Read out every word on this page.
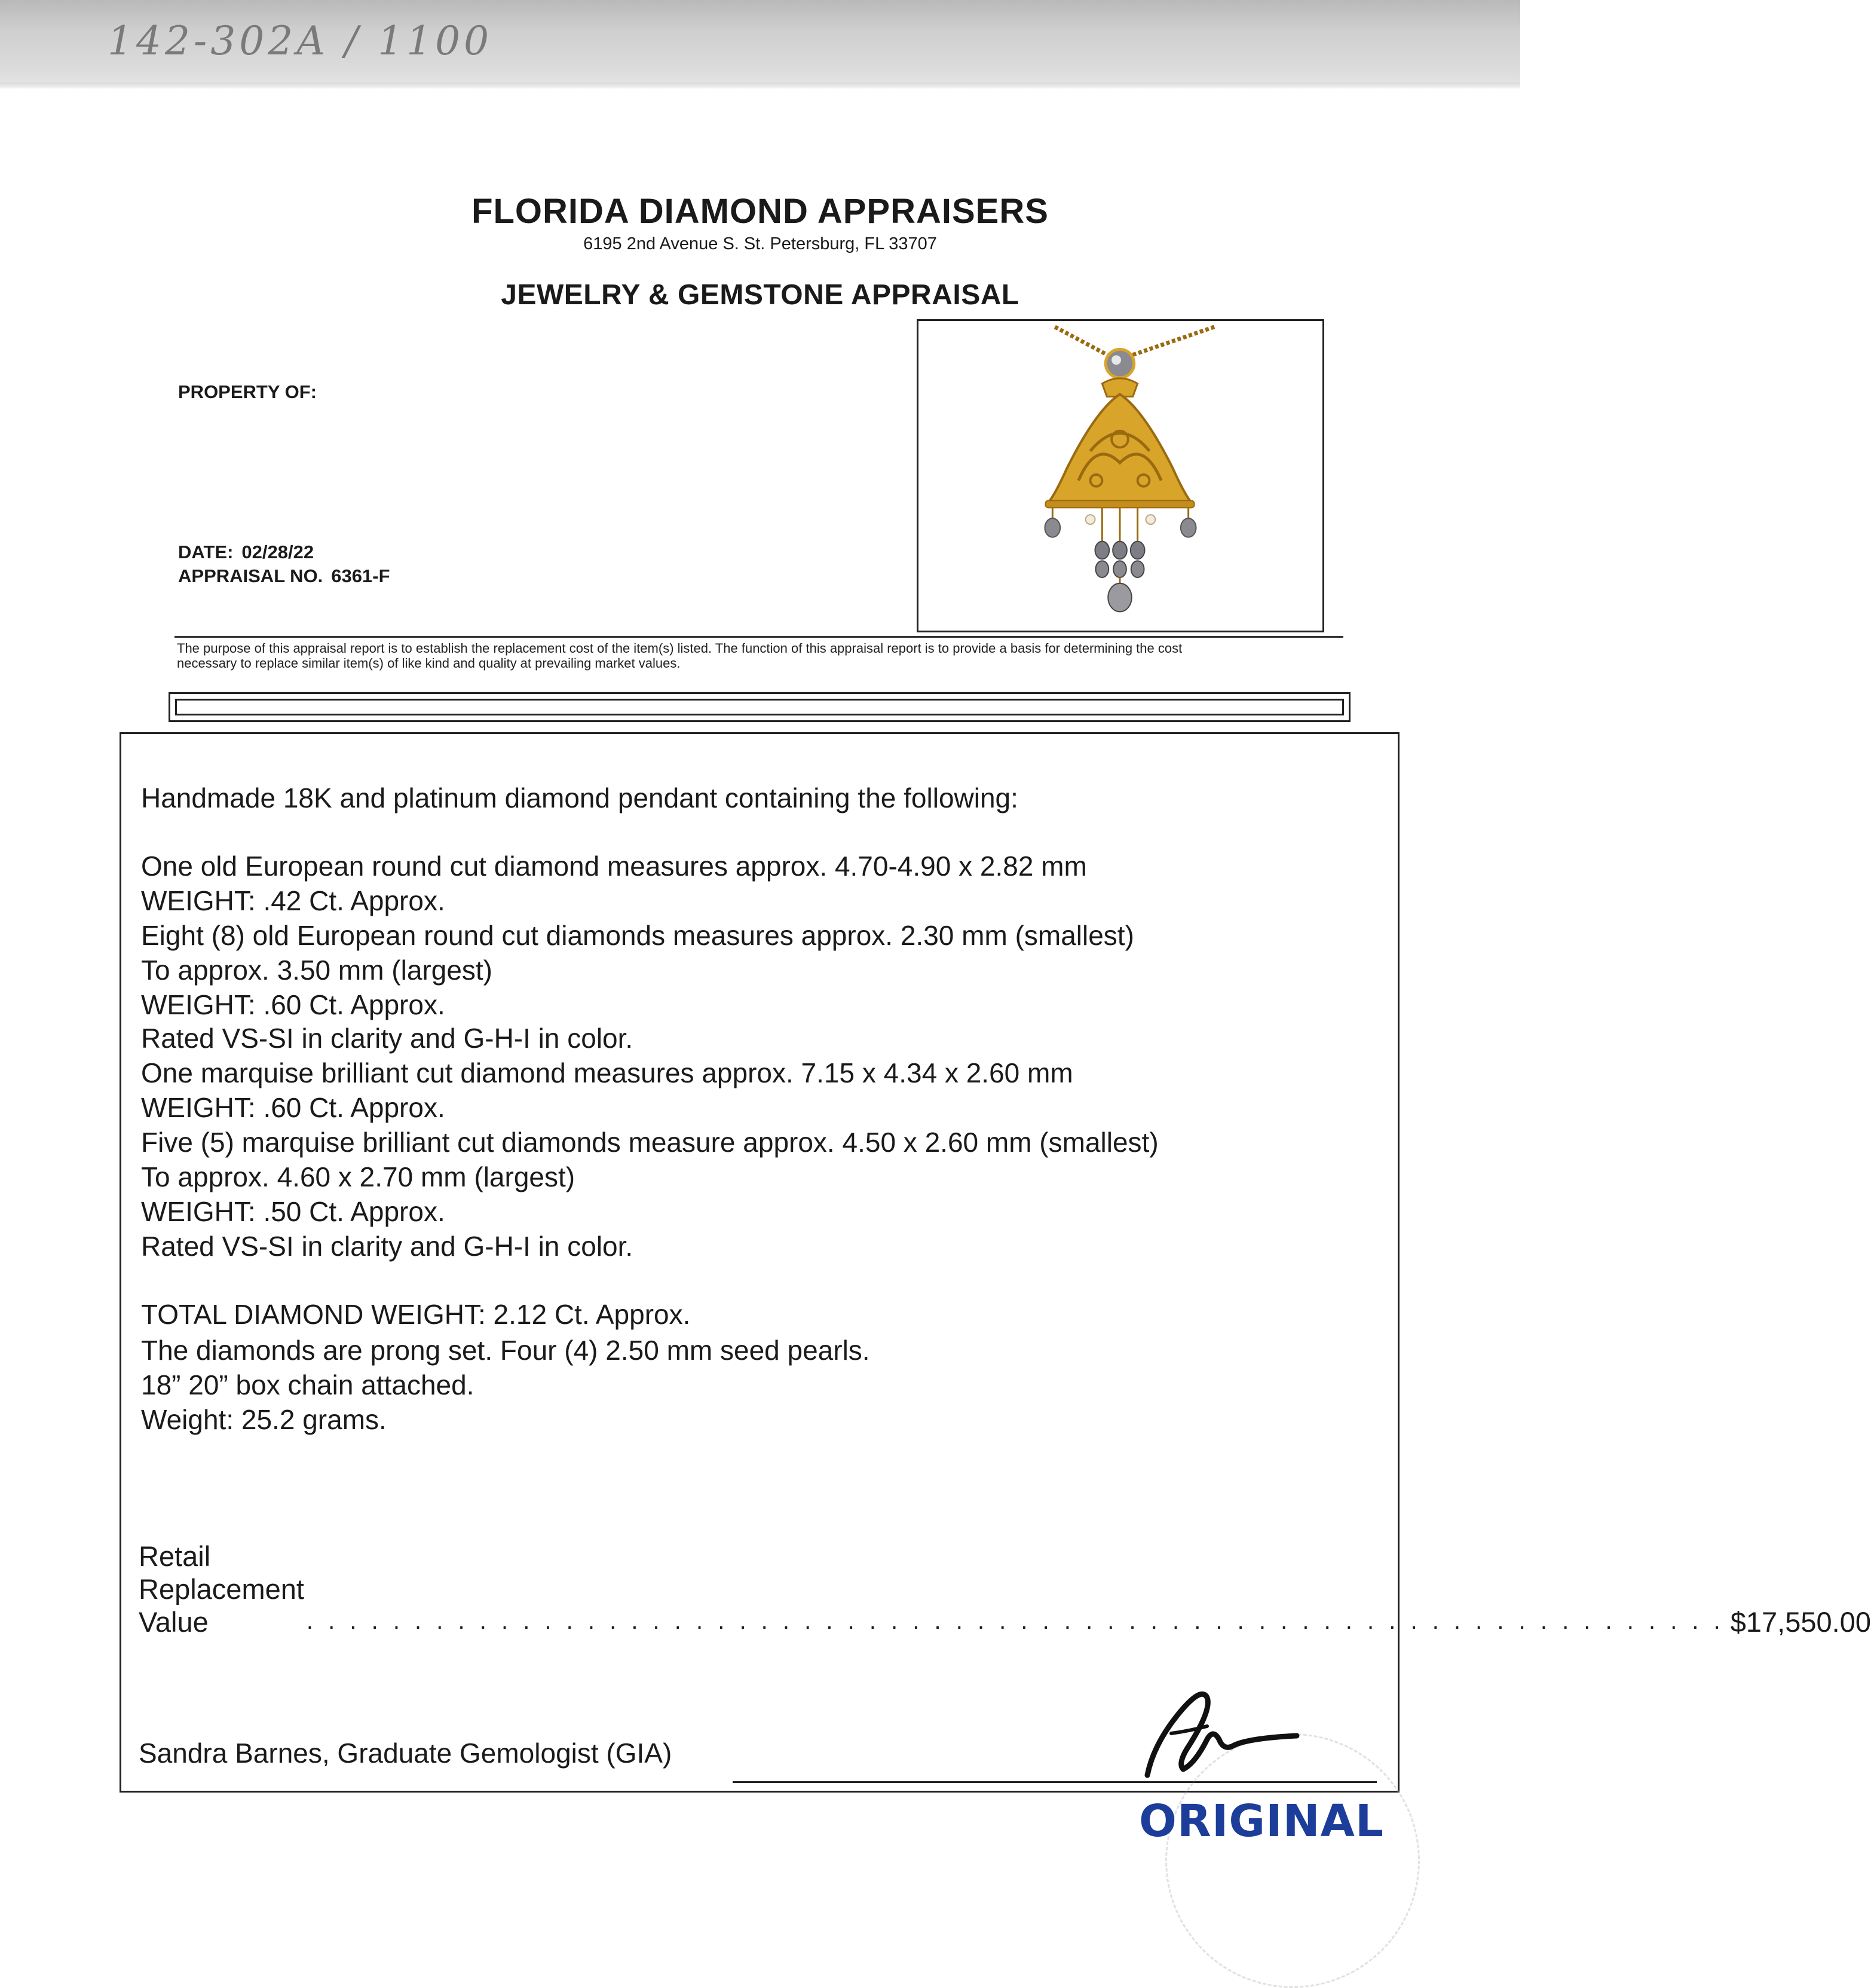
142-302A / 1100
FLORIDA DIAMOND APPRAISERS
6195 2nd Avenue S. St. Petersburg, FL 33707
JEWELRY & GEMSTONE APPRAISAL
PROPERTY OF:
DATE: 02/28/22
APPRAISAL NO. 6361-F
The purpose of this appraisal report is to establish the replacement cost of the item(s) listed. The function of this appraisal report is to provide a basis for determining the cost
necessary to replace similar item(s) of like kind and quality at prevailing market values.
Handmade 18K and platinum diamond pendant containing the following:
One old European round cut diamond measures approx. 4.70-4.90 x 2.82 mm
WEIGHT: .42 Ct. Approx.
Eight (8) old European round cut diamonds measures approx. 2.30 mm (smallest)
To approx. 3.50 mm (largest)
WEIGHT: .60 Ct. Approx.
Rated VS-SI in clarity and G-H-I in color.
One marquise brilliant cut diamond measures approx. 7.15 x 4.34 x 2.60 mm
WEIGHT: .60 Ct. Approx.
Five (5) marquise brilliant cut diamonds measure approx. 4.50 x 2.60 mm (smallest)
To approx. 4.60 x 2.70 mm (largest)
WEIGHT: .50 Ct. Approx.
Rated VS-SI in clarity and G-H-I in color.
TOTAL DIAMOND WEIGHT: 2.12 Ct. Approx.
The diamonds are prong set. Four (4) 2.50 mm seed pearls.
18” 20” box chain attached.
Weight: 25.2 grams.
Retail Replacement Value	. . . . . . . . . . . . . . . . . . . . . . . . . . . . . . . . . . . . . . . . . . . . . . . . . . . . . . . . . . . . . . . . . . $17,550.00
Sandra Barnes, Graduate Gemologist (GIA)
ORIGINAL
